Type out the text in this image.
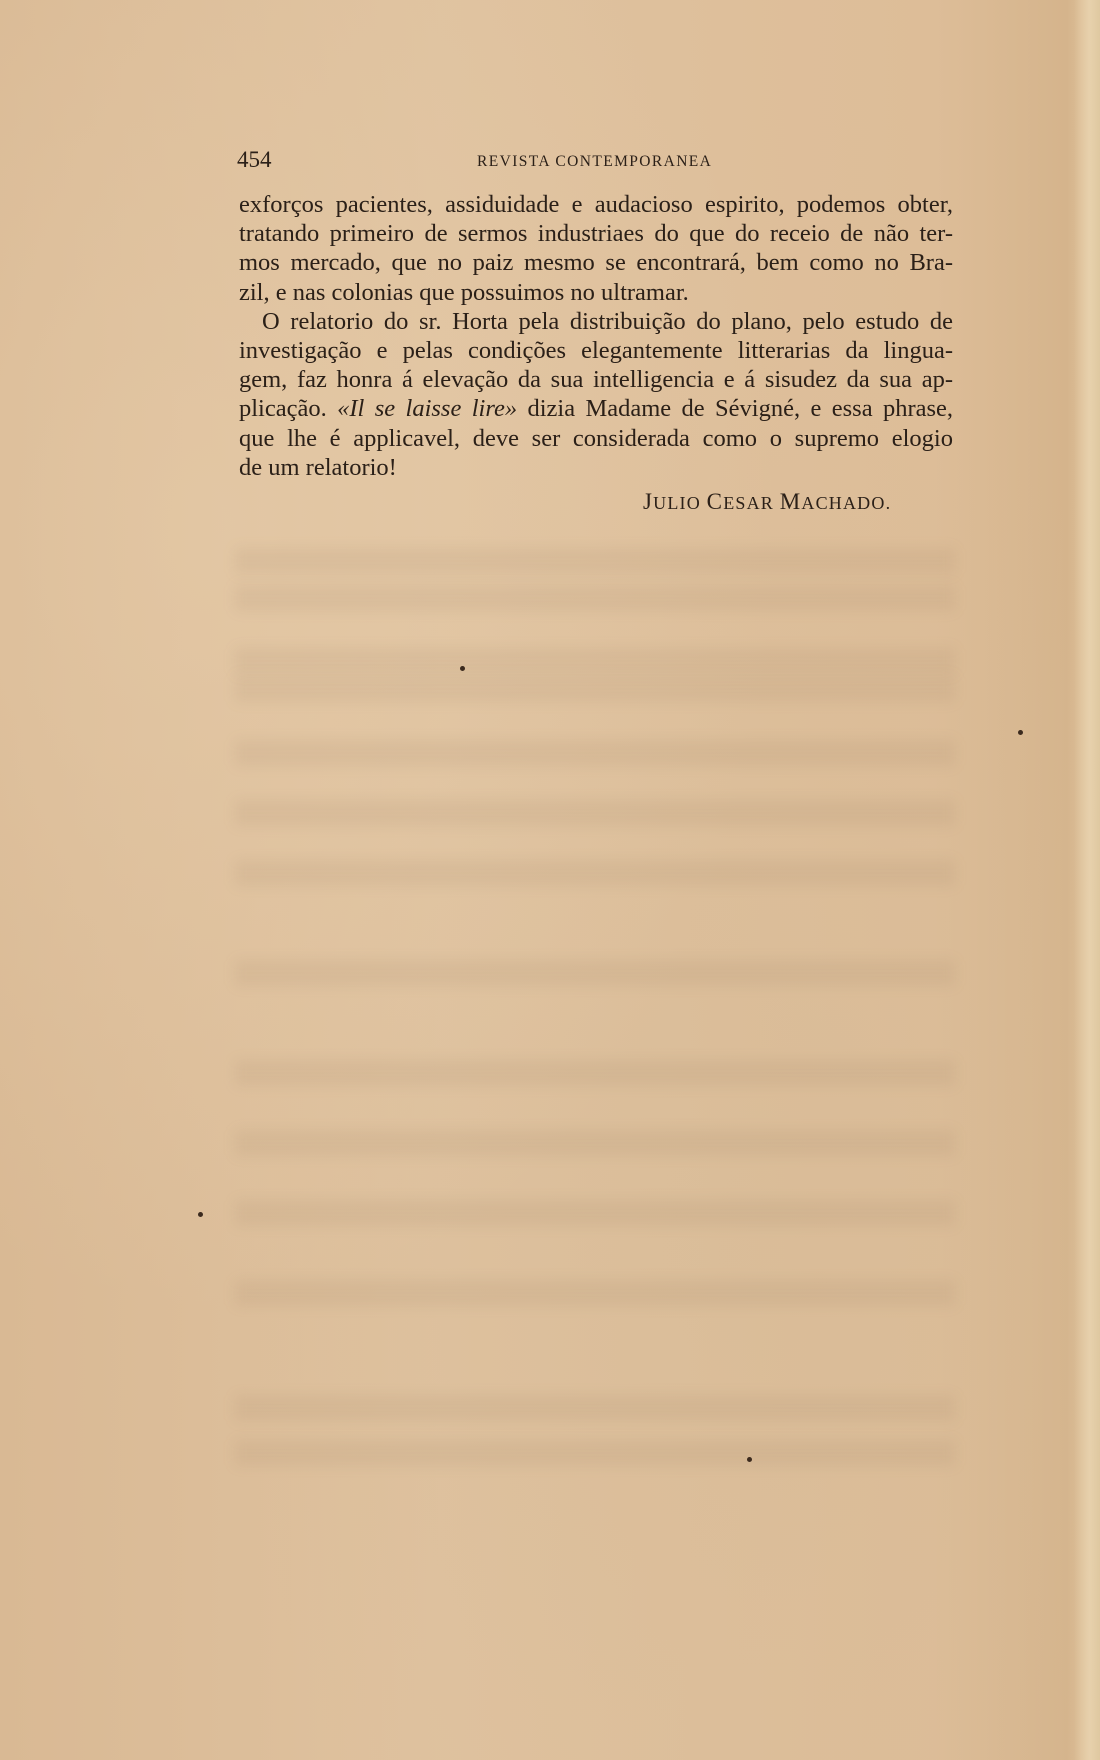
454	REVISTA CONTEMPORANEA
exforços pacientes, assiduidade e audacioso espirito, podemos obter,
tratando primeiro de sermos industriaes do que do receio de não ter-
mos mercado, que no paiz mesmo se encontrará, bem como no Bra-
zil, e nas colonias que possuimos no ultramar.
O relatorio do sr. Horta pela distribuição do plano, pelo estudo de
investigação e pelas condições elegantemente litterarias da lingua-
gem, faz honra á elevação da sua intelligencia e á sisudez da sua ap-
plicação. «Il se laisse lire» dizia Madame de Sévigné, e essa phrase,
que lhe é applicavel, deve ser considerada como o supremo elogio
de um relatorio!
JULIO CESAR MACHADO.
